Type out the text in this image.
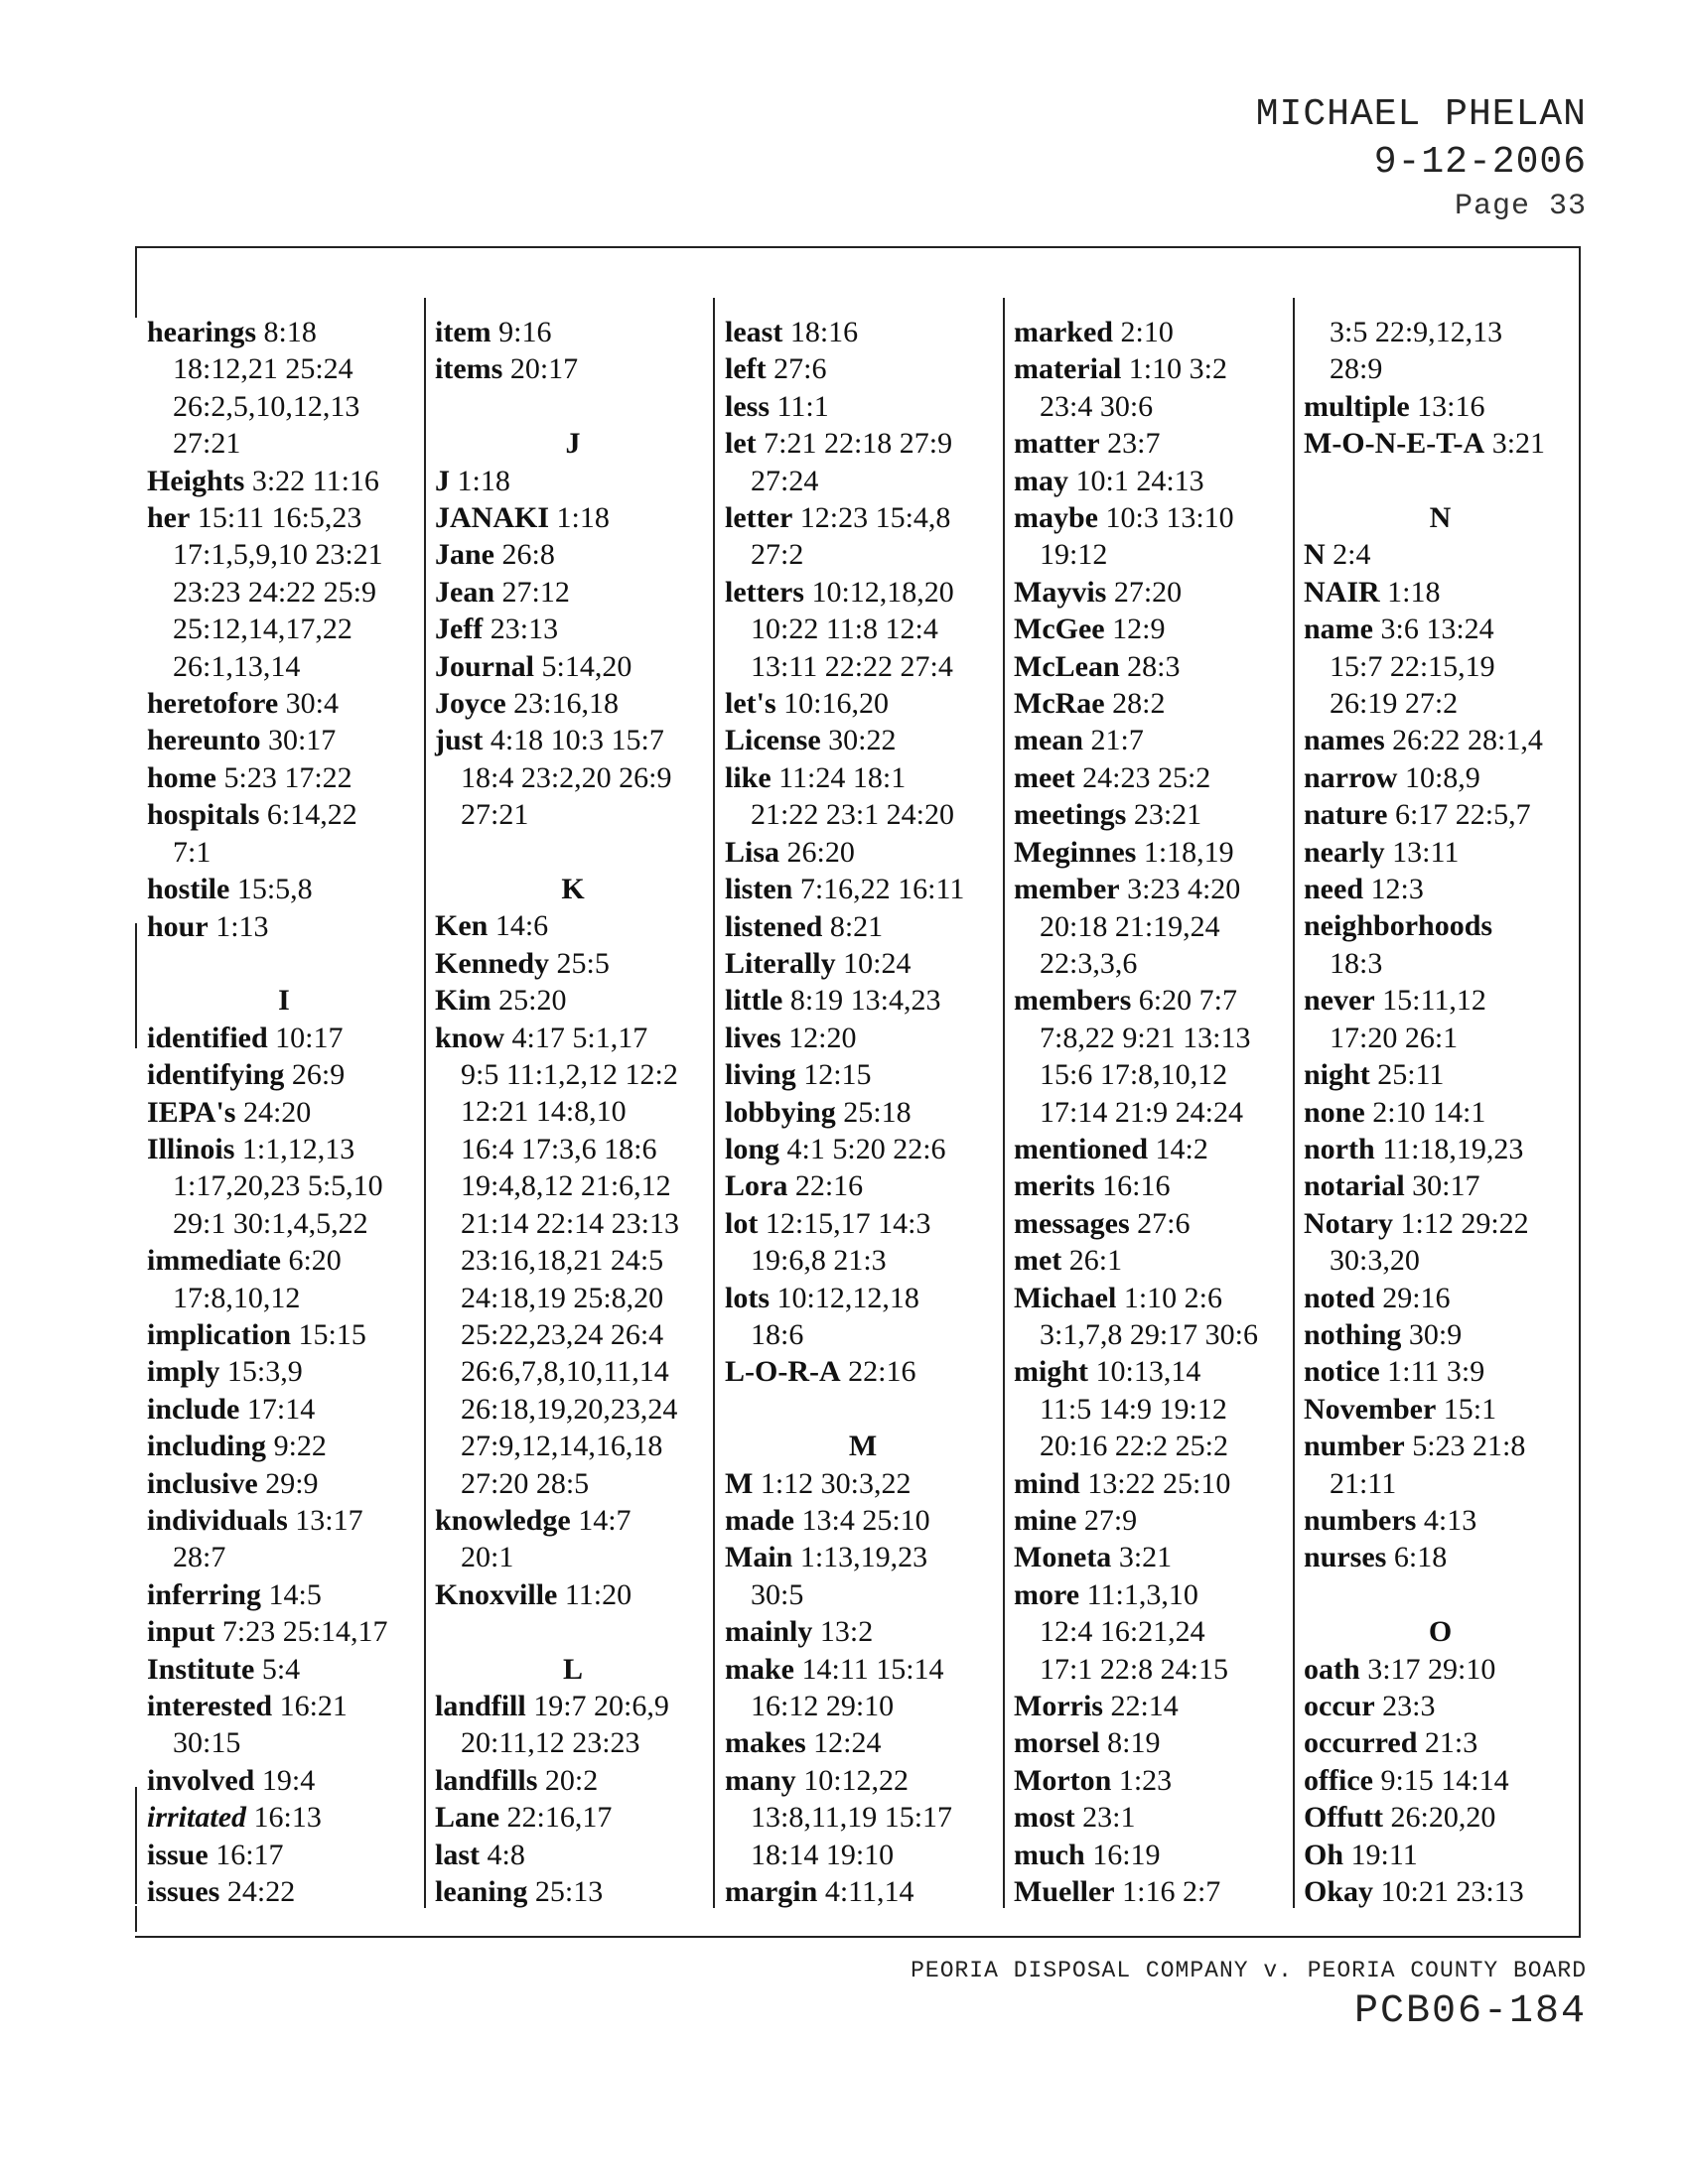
MICHAEL PHELAN
9-12-2006
Page 33
hearings 8:18
18:12,21 25:24
26:2,5,10,12,13
27:21
Heights 3:22 11:16
her 15:11 16:5,23
17:1,5,9,10 23:21
23:23 24:22 25:9
25:12,14,17,22
26:1,13,14
heretofore 30:4
hereunto 30:17
home 5:23 17:22
hospitals 6:14,22
7:1
hostile 15:5,8
hour 1:13

I
identified 10:17
identifying 26:9
IEPA's 24:20
Illinois 1:1,12,13
1:17,20,23 5:5,10
29:1 30:1,4,5,22
immediate 6:20
17:8,10,12
implication 15:15
imply 15:3,9
include 17:14
including 9:22
inclusive 29:9
individuals 13:17
28:7
inferring 14:5
input 7:23 25:14,17
Institute 5:4
interested 16:21
30:15
involved 19:4
irritated 16:13
issue 16:17
issues 24:22
item 9:16
items 20:17

J
J 1:18
JANAKI 1:18
Jane 26:8
Jean 27:12
Jeff 23:13
Journal 5:14,20
Joyce 23:16,18
just 4:18 10:3 15:7
18:4 23:2,20 26:9
27:21

K
Ken 14:6
Kennedy 25:5
Kim 25:20
know 4:17 5:1,17
9:5 11:1,2,12 12:2
12:21 14:8,10
16:4 17:3,6 18:6
19:4,8,12 21:6,12
21:14 22:14 23:13
23:16,18,21 24:5
24:18,19 25:8,20
25:22,23,24 26:4
26:6,7,8,10,11,14
26:18,19,20,23,24
27:9,12,14,16,18
27:20 28:5
knowledge 14:7
20:1
Knoxville 11:20

L
landfill 19:7 20:6,9
20:11,12 23:23
landfills 20:2
Lane 22:16,17
last 4:8
leaning 25:13
least 18:16
left 27:6
less 11:1
let 7:21 22:18 27:9
27:24
letter 12:23 15:4,8
27:2
letters 10:12,18,20
10:22 11:8 12:4
13:11 22:22 27:4
let's 10:16,20
License 30:22
like 11:24 18:1
21:22 23:1 24:20
Lisa 26:20
listen 7:16,22 16:11
listened 8:21
Literally 10:24
little 8:19 13:4,23
lives 12:20
living 12:15
lobbying 25:18
long 4:1 5:20 22:6
Lora 22:16
lot 12:15,17 14:3
19:6,8 21:3
lots 10:12,12,18
18:6
L-O-R-A 22:16

M
M 1:12 30:3,22
made 13:4 25:10
Main 1:13,19,23
30:5
mainly 13:2
make 14:11 15:14
16:12 29:10
makes 12:24
many 10:12,22
13:8,11,19 15:17
18:14 19:10
margin 4:11,14
marked 2:10
material 1:10 3:2
23:4 30:6
matter 23:7
may 10:1 24:13
maybe 10:3 13:10
19:12
Mayvis 27:20
McGee 12:9
McLean 28:3
McRae 28:2
mean 21:7
meet 24:23 25:2
meetings 23:21
Meginnes 1:18,19
member 3:23 4:20
20:18 21:19,24
22:3,3,6
members 6:20 7:7
7:8,22 9:21 13:13
15:6 17:8,10,12
17:14 21:9 24:24
mentioned 14:2
merits 16:16
messages 27:6
met 26:1
Michael 1:10 2:6
3:1,7,8 29:17 30:6
might 10:13,14
11:5 14:9 19:12
20:16 22:2 25:2
mind 13:22 25:10
mine 27:9
Moneta 3:21
more 11:1,3,10
12:4 16:21,24
17:1 22:8 24:15
Morris 22:14
morsel 8:19
Morton 1:23
most 23:1
much 16:19
Mueller 1:16 2:7
3:5 22:9,12,13
28:9
multiple 13:16
M-O-N-E-T-A 3:21

N
N 2:4
NAIR 1:18
name 3:6 13:24
15:7 22:15,19
26:19 27:2
names 26:22 28:1,4
narrow 10:8,9
nature 6:17 22:5,7
nearly 13:11
need 12:3
neighborhoods
18:3
never 15:11,12
17:20 26:1
night 25:11
none 2:10 14:1
north 11:18,19,23
notarial 30:17
Notary 1:12 29:22
30:3,20
noted 29:16
nothing 30:9
notice 1:11 3:9
November 15:1
number 5:23 21:8
21:11
numbers 4:13
nurses 6:18

O
oath 3:17 29:10
occur 23:3
occurred 21:3
office 9:15 14:14
Offutt 26:20,20
Oh 19:11
Okay 10:21 23:13
PEORIA DISPOSAL COMPANY v. PEORIA COUNTY BOARD
PCB06-184
